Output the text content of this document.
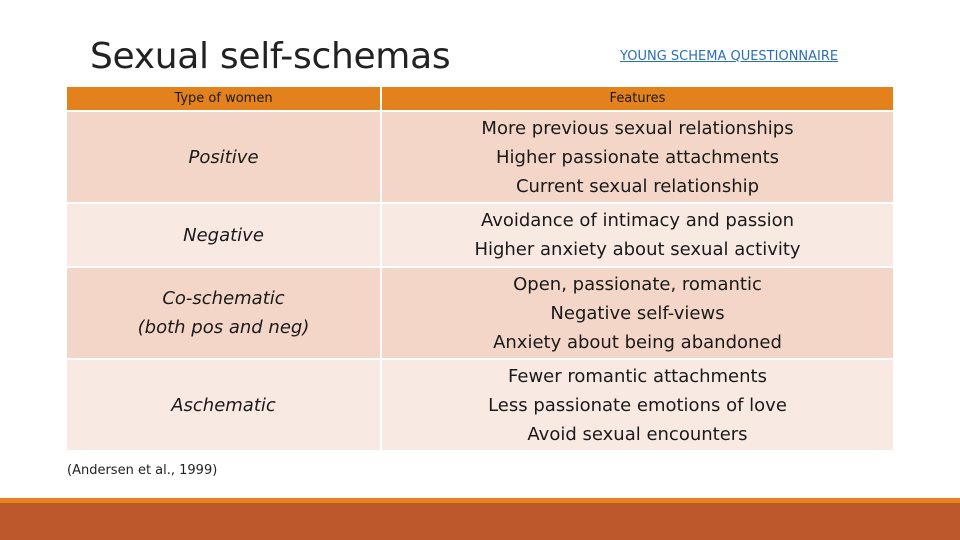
Sexual self-schemas	YOUNG SCHEMA QUESTIONNAIRE
Type of women	Features

Positive	More previous sexual relationships
Higher passionate attachments
Current sexual relationship

Negative	Avoidance of intimacy and passion
Higher anxiety about sexual activity

Co-schematic
(both pos and neg)	Open, passionate, romantic
Negative self-views
Anxiety about being abandoned

Aschematic	Fewer romantic attachments
Less passionate emotions of love
Avoid sexual encounters
(Andersen et al., 1999)
